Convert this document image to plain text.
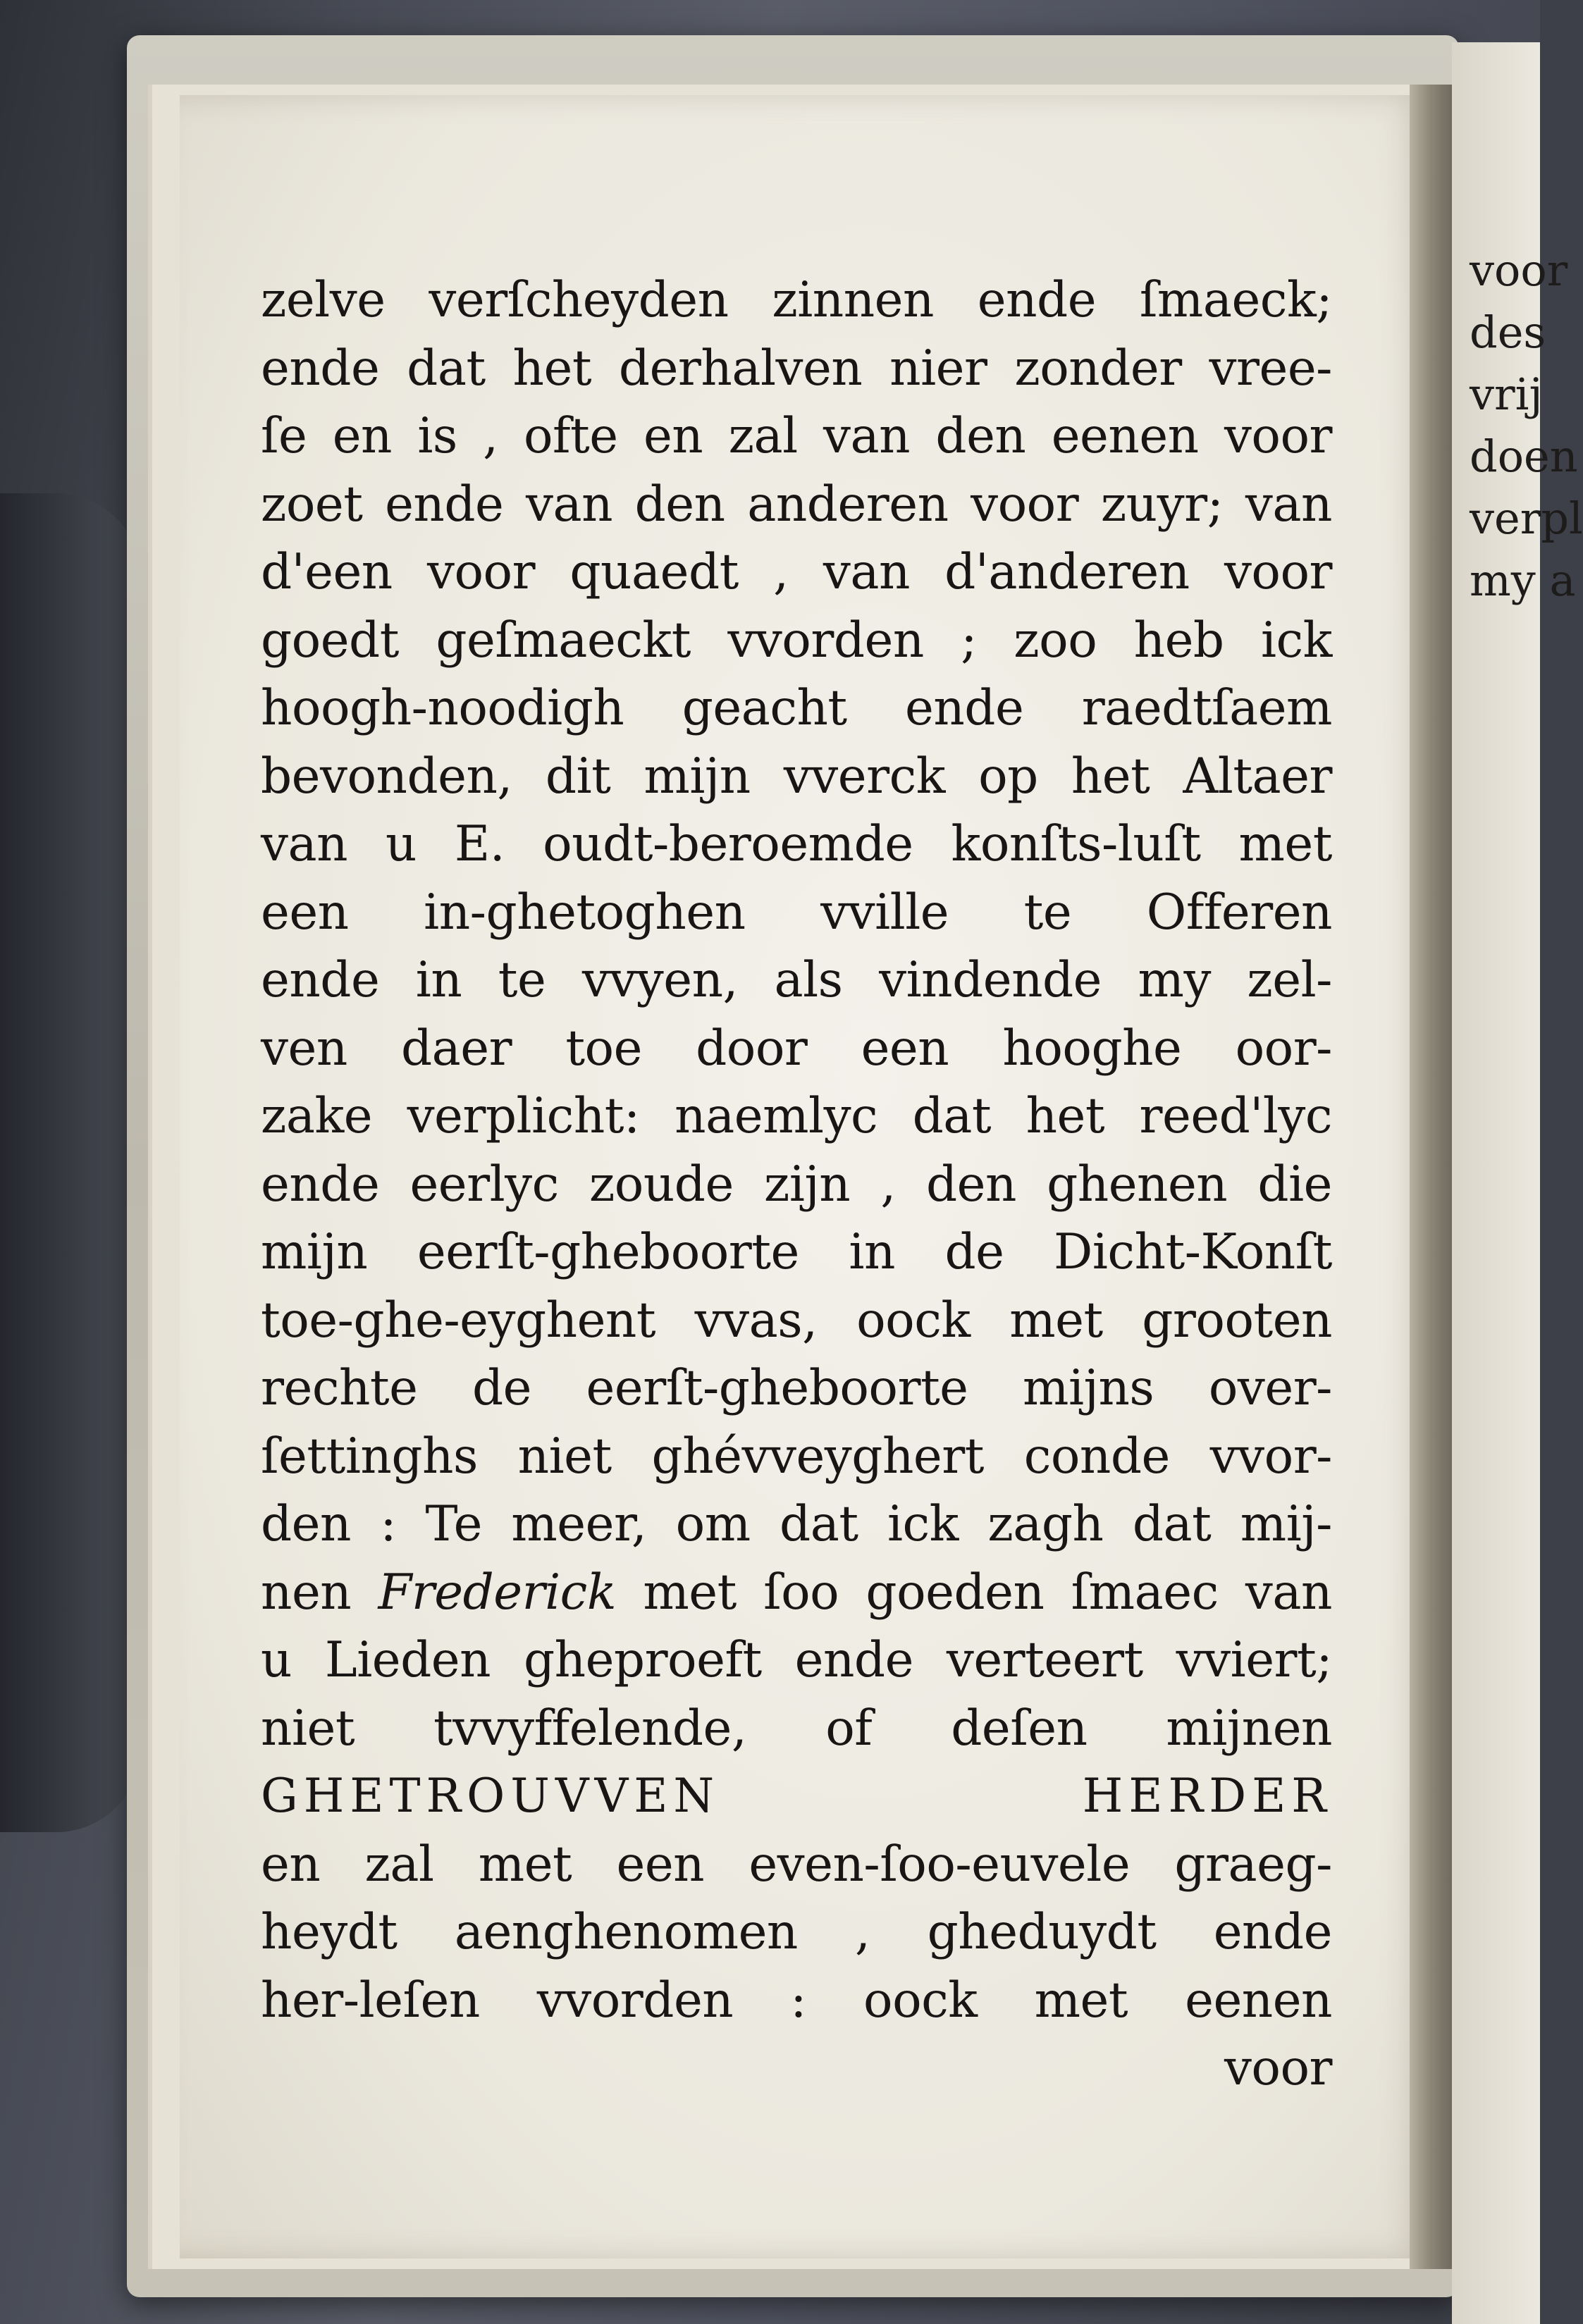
voor
des
vrij
doen
verpl
my a
zelve verſcheyden zinnen ende ſmaeck;
ende dat het derhalven nier zonder vree-
ſe en is , ofte en zal van den eenen voor
zoet ende van den anderen voor zuyr; van
d'een voor quaedt , van d'anderen voor
goedt geſmaeckt vvorden ; zoo heb ick
hoogh-noodigh geacht ende raedtſaem
bevonden, dit mijn vverck op het Altaer
van u E. oudt-beroemde konſts-luſt met
een in-ghetoghen vville te Offeren
ende in te vvyen, als vindende my zel-
ven daer toe door een hooghe oor-
zake verplicht: naemlyc dat het reed'lyc
ende eerlyc zoude zijn , den ghenen die
mijn eerſt-gheboorte in de Dicht-Konſt
toe-ghe-eyghent vvas, oock met grooten
rechte de eerſt-gheboorte mijns over-
ſettinghs niet ghévveyghert conde vvor-
den : Te meer, om dat ick zagh dat mij-
nen Frederick met ſoo goeden ſmaec van
u Lieden gheproeft ende verteert vviert;
niet tvvyffelende, of deſen mijnen
GHETROUVVEN HERDER
en zal met een even-ſoo-euvele graeg-
heydt aenghenomen , gheduydt ende
her-leſen vvorden : oock met eenen
voor
